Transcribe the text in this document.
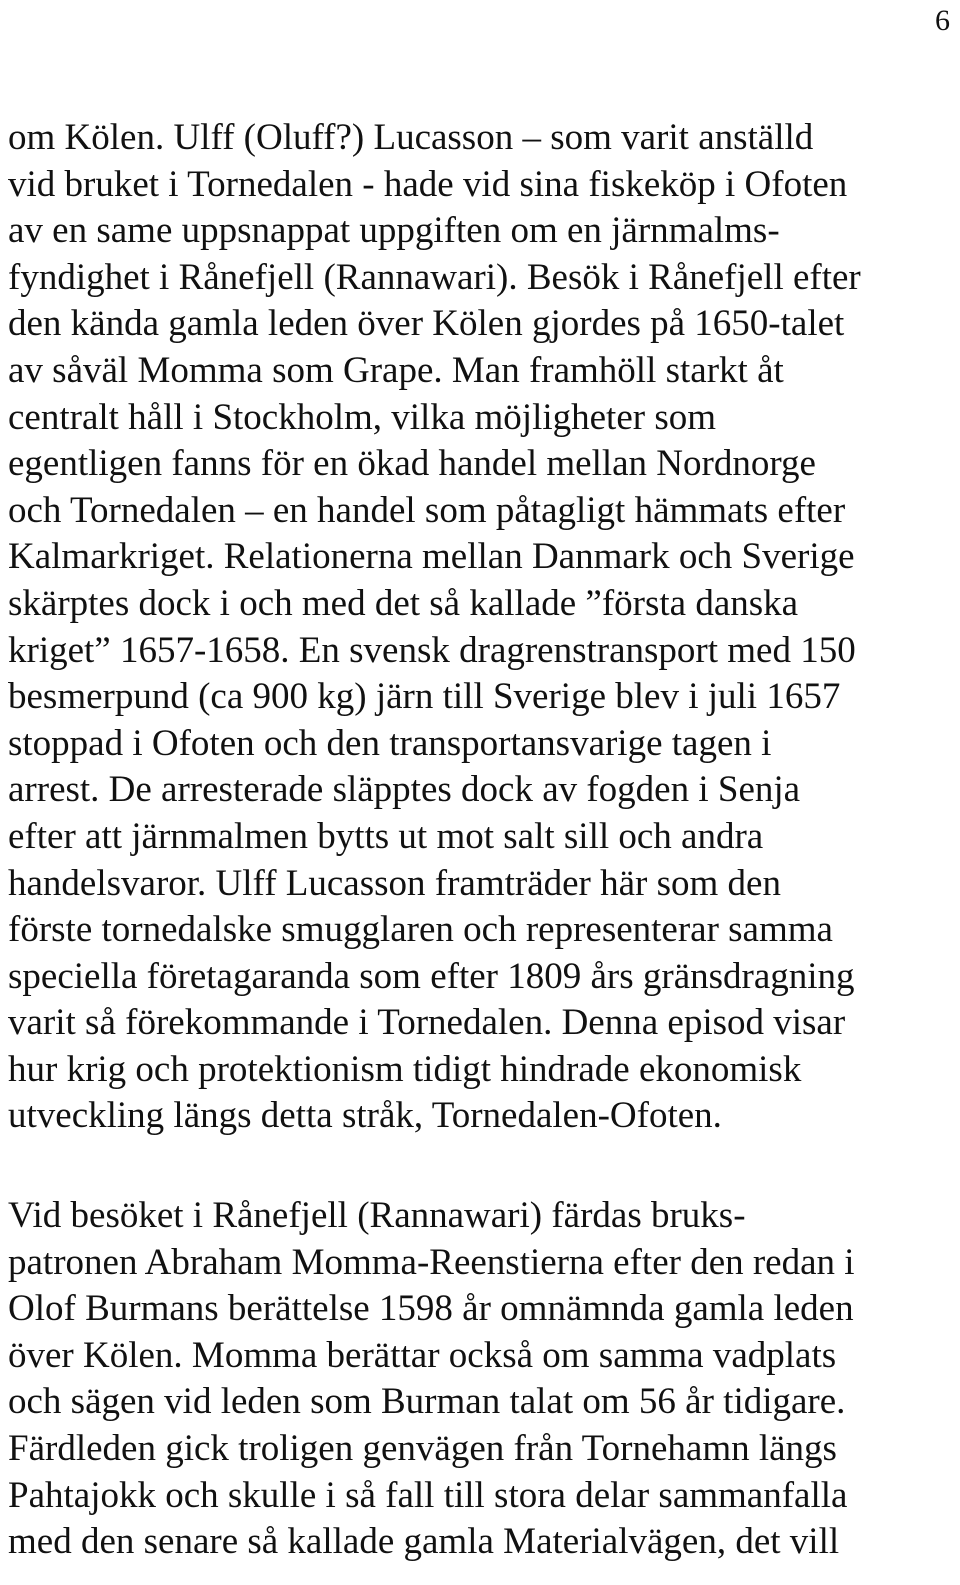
6
om Kölen. Ulff (Oluff?) Lucasson – som varit anställd
vid bruket i Tornedalen - hade vid sina fiskeköp i Ofoten
av en same uppsnappat uppgiften om en järnmalms-
fyndighet i Rånefjell (Rannawari). Besök i Rånefjell efter
den kända gamla leden över Kölen gjordes på 1650-talet
av såväl Momma som Grape. Man framhöll starkt åt
centralt håll i Stockholm, vilka möjligheter som
egentligen fanns för en ökad handel mellan Nordnorge
och Tornedalen – en handel som påtagligt hämmats efter
Kalmarkriget. Relationerna mellan Danmark och Sverige
skärptes dock i och med det så kallade ”första danska
kriget” 1657-1658. En svensk dragrenstransport med 150
besmerpund (ca 900 kg) järn till Sverige blev i juli 1657
stoppad i Ofoten och den transportansvarige tagen i
arrest. De arresterade släpptes dock av fogden i Senja
efter att järnmalmen bytts ut mot salt sill och andra
handelsvaror. Ulff Lucasson framträder här som den
förste tornedalske smugglaren och representerar samma
speciella företagaranda som efter 1809 års gränsdragning
varit så förekommande i Tornedalen. Denna episod visar
hur krig och protektionism tidigt hindrade ekonomisk
utveckling längs detta stråk, Tornedalen-Ofoten.
Vid besöket i Rånefjell (Rannawari) färdas bruks-
patronen Abraham Momma-Reenstierna efter den redan i
Olof Burmans berättelse 1598 år omnämnda gamla leden
över Kölen. Momma berättar också om samma vadplats
och sägen vid leden som Burman talat om 56 år tidigare.
Färdleden gick troligen genvägen från Tornehamn längs
Pahtajokk och skulle i så fall till stora delar sammanfalla
med den senare så kallade gamla Materialvägen, det vill
